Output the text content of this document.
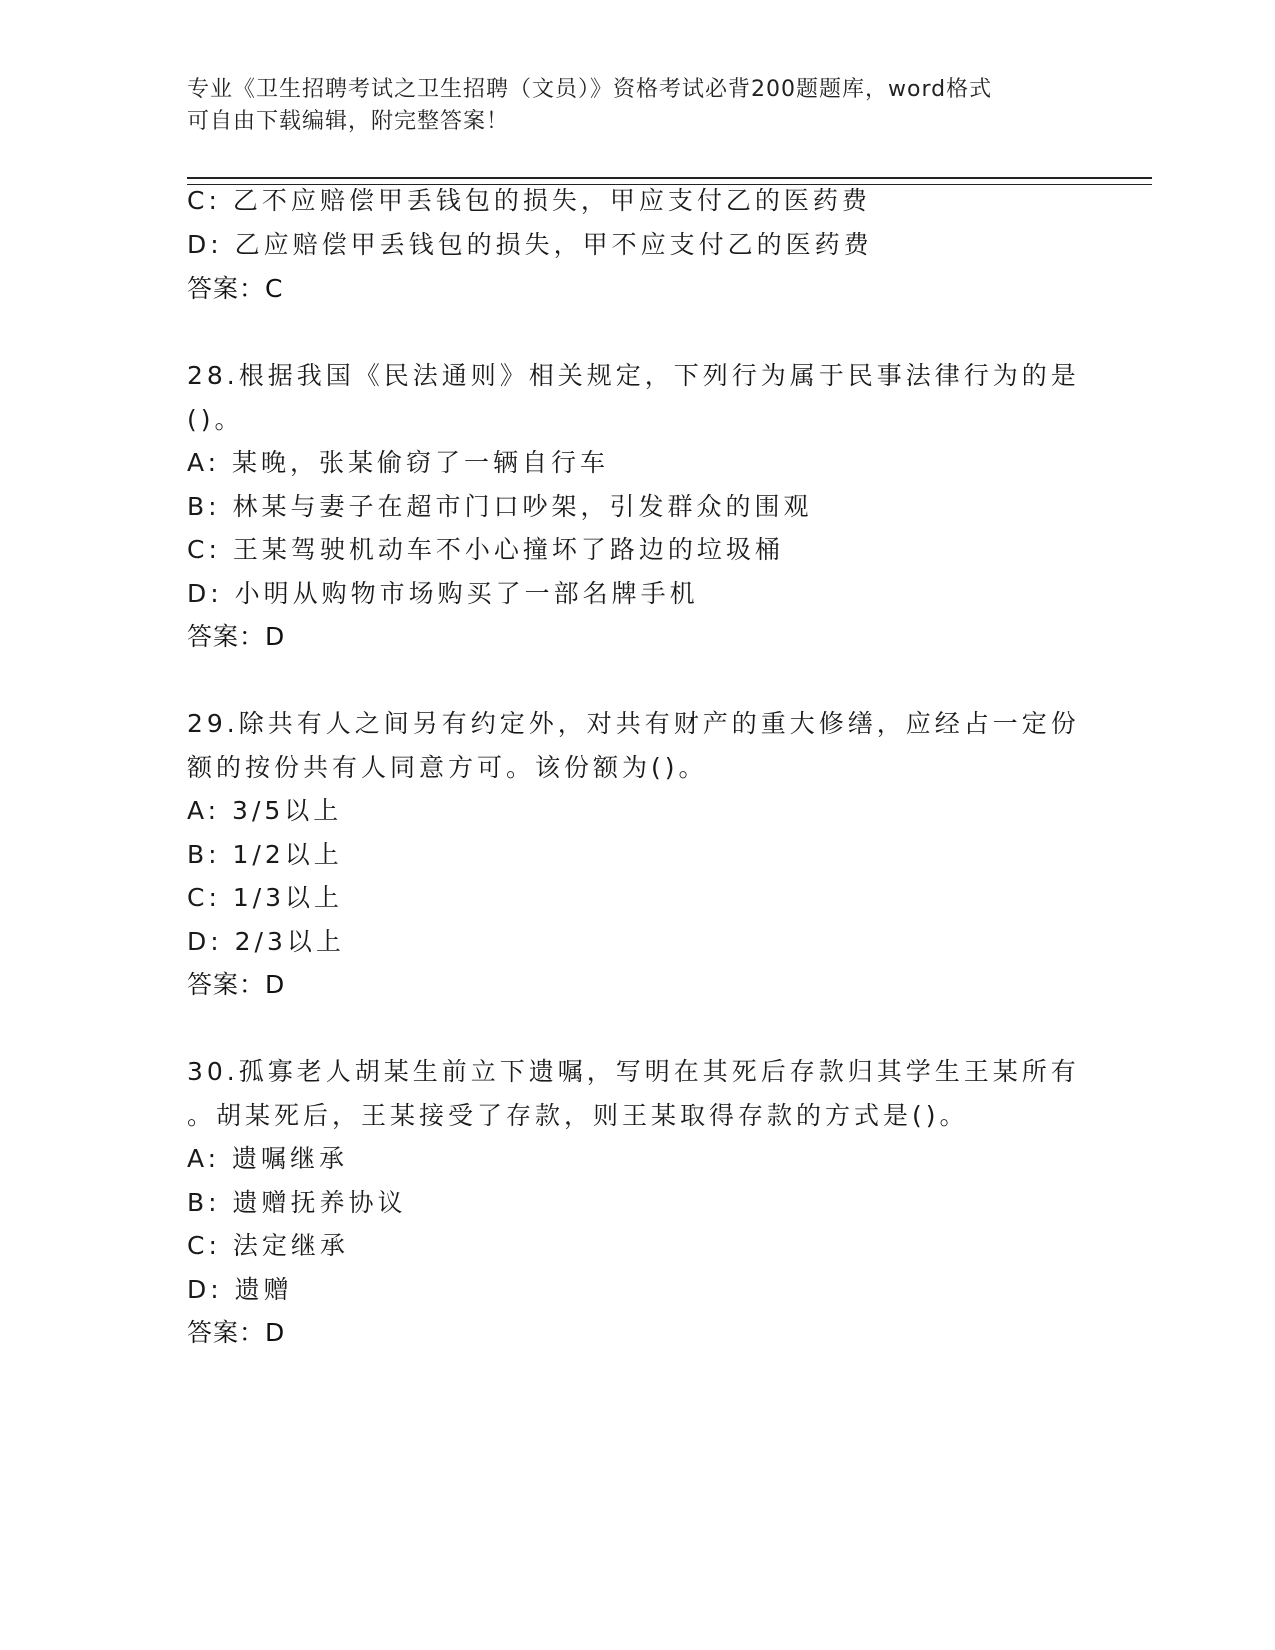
专业《卫生招聘考试之卫生招聘（文员）》资格考试必背200题题库，word格式
可自由下载编辑，附完整答案！
C: 乙不应赔偿甲丢钱包的损失，甲应支付乙的医药费
D: 乙应赔偿甲丢钱包的损失，甲不应支付乙的医药费
答案：C
28.根据我国《民法通则》相关规定，下列行为属于民事法律行为的是
()。
A: 某晚，张某偷窃了一辆自行车
B: 林某与妻子在超市门口吵架，引发群众的围观
C: 王某驾驶机动车不小心撞坏了路边的垃圾桶
D: 小明从购物市场购买了一部名牌手机
答案：D
29.除共有人之间另有约定外，对共有财产的重大修缮，应经占一定份
额的按份共有人同意方可。该份额为()。
A: 3/5以上
B: 1/2以上
C: 1/3以上
D: 2/3以上
答案：D
30.孤寡老人胡某生前立下遗嘱，写明在其死后存款归其学生王某所有
。胡某死后，王某接受了存款，则王某取得存款的方式是()。
A: 遗嘱继承
B: 遗赠抚养协议
C: 法定继承
D: 遗赠
答案：D
